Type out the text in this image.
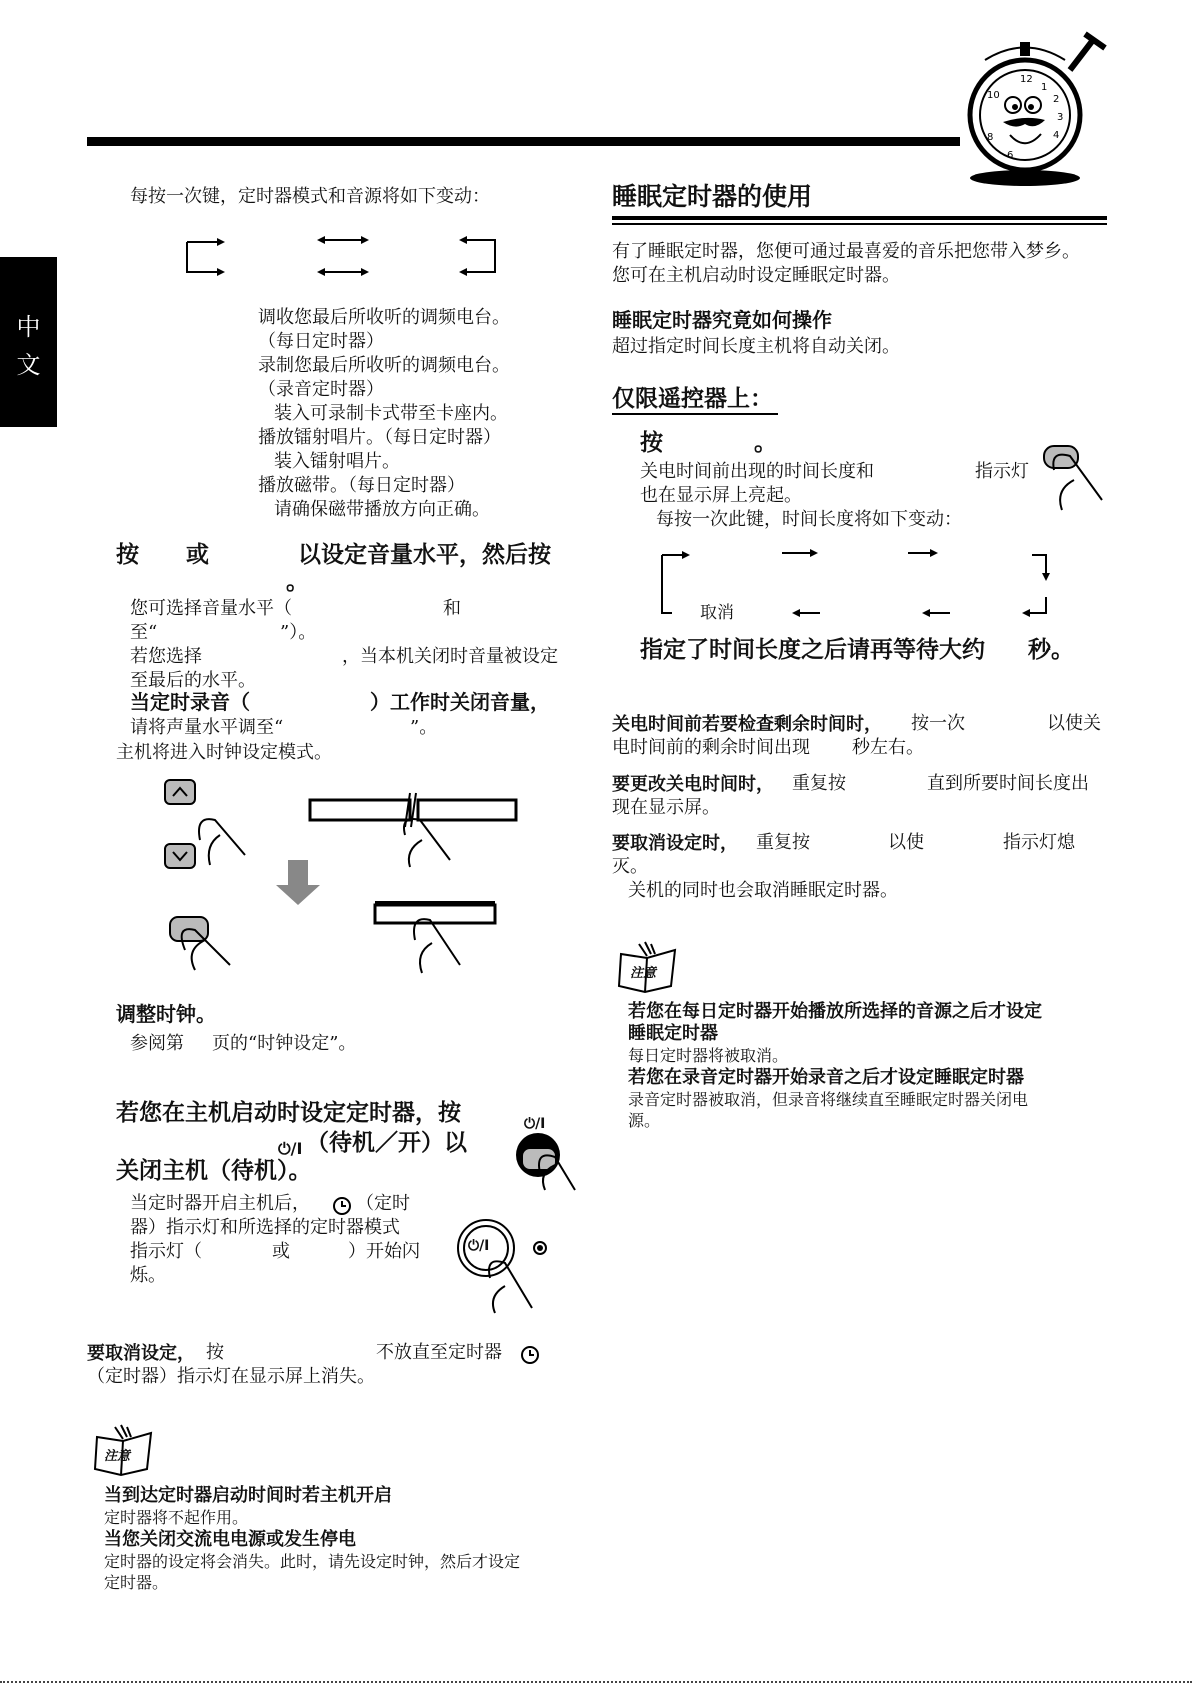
中
文
12
1
2
3
4
8
10
6
每按一次键，定时器模式和音源将如下变动：
调收您最后所收听的调频电台。
（每日定时器）
录制您最后所收听的调频电台。
（录音定时器）
装入可录制卡式带至卡座内。
播放镭射唱片。（每日定时器）
装入镭射唱片。
播放磁带。（每日定时器）
请确保磁带播放方向正确。
按 或	以设定音量水平，然后按
。
您可选择音量水平（	和
至“	”）。
若您选择	，当本机关闭时音量被设定
至最后的水平。
当定时录音（	）工作时关闭音量，
请将声量水平调至“	”。
主机将进入时钟设定模式。
调整时钟。
参阅第 页的“时钟设定”。
若您在主机启动时设定定时器，按
⏻/I （待机／开）以
关闭主机（待机）。
⏻/I
当定时器开启主机后，	（定时
器）指示灯和所选择的定时器模式
指示灯（	或	）开始闪
烁。
⏻/I
要取消设定， 按	不放直至定时器
（定时器）指示灯在显示屏上消失。
注意
当到达定时器启动时间时若主机开启
定时器将不起作用。
当您关闭交流电电源或发生停电
定时器的设定将会消失。此时，请先设定时钟，然后才设定
定时器。
睡眠定时器的使用
有了睡眠定时器，您便可通过最喜爱的音乐把您带入梦乡。
您可在主机启动时设定睡眠定时器。
睡眠定时器究竟如何操作
超过指定时间长度主机将自动关闭。
仅限遥控器上：
按	。
关电时间前出现的时间长度和	指示灯
也在显示屏上亮起。
每按一次此键，时间长度将如下变动：
取消
指定了时间长度之后请再等待大约 秒。
关电时间前若要检查剩余时间时， 按一次	以使关
电时间前的剩余时间出现 秒左右。
要更改关电时间时， 重复按	直到所要时间长度出
现在显示屏。
要取消设定时， 重复按	以使	指示灯熄
灭。
关机的同时也会取消睡眠定时器。
注意
若您在每日定时器开始播放所选择的音源之后才设定
睡眠定时器
每日定时器将被取消。
若您在录音定时器开始录音之后才设定睡眠定时器
录音定时器被取消，但录音将继续直至睡眠定时器关闭电
源。
